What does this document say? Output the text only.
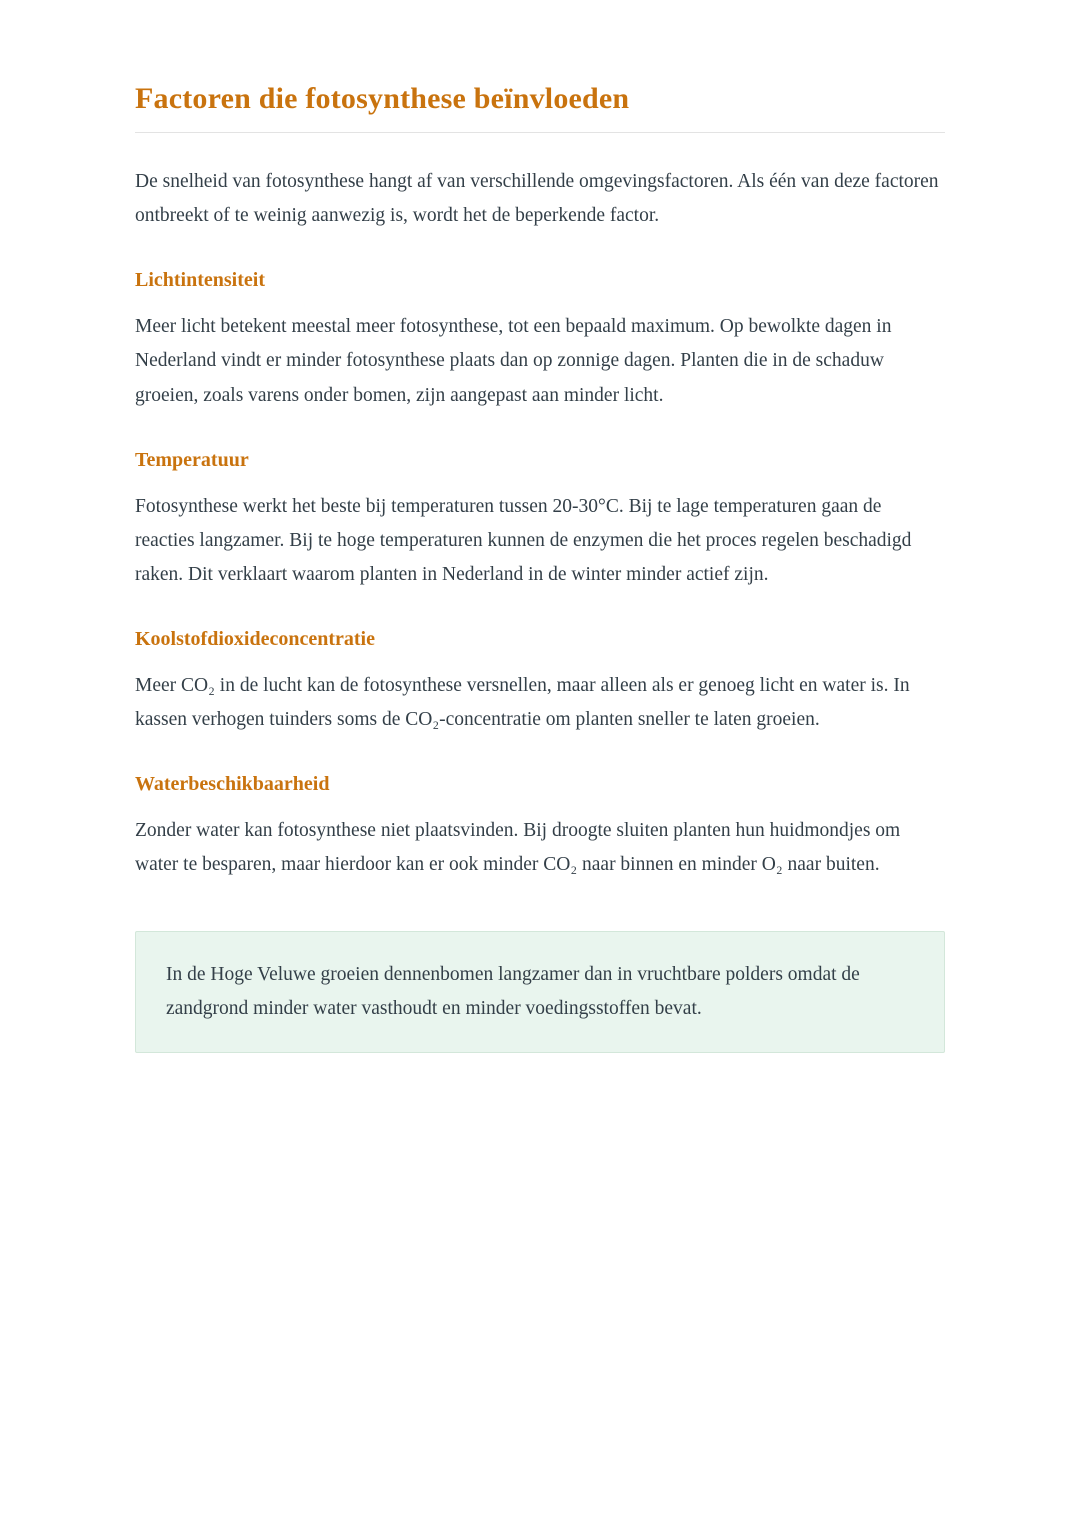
Factoren die fotosynthese beïnvloeden

De snelheid van fotosynthese hangt af van verschillende omgevingsfactoren. Als één van deze factoren ontbreekt of te weinig aanwezig is, wordt het de beperkende factor.

Lichtintensiteit

Meer licht betekent meestal meer fotosynthese, tot een bepaald maximum. Op bewolkte dagen in Nederland vindt er minder fotosynthese plaats dan op zonnige dagen. Planten die in de schaduw groeien, zoals varens onder bomen, zijn aangepast aan minder licht.

Temperatuur

Fotosynthese werkt het beste bij temperaturen tussen 20-30°C. Bij te lage temperaturen gaan de reacties langzamer. Bij te hoge temperaturen kunnen de enzymen die het proces regelen beschadigd raken. Dit verklaart waarom planten in Nederland in de winter minder actief zijn.

Koolstofdioxideconcentratie

Meer CO₂ in de lucht kan de fotosynthese versnellen, maar alleen als er genoeg licht en water is. In kassen verhogen tuinders soms de CO₂-concentratie om planten sneller te laten groeien.

Waterbeschikbaarheid

Zonder water kan fotosynthese niet plaatsvinden. Bij droogte sluiten planten hun huidmondjes om water te besparen, maar hierdoor kan er ook minder CO₂ naar binnen en minder O₂ naar buiten.

In de Hoge Veluwe groeien dennenbomen langzamer dan in vruchtbare polders omdat de zandgrond minder water vasthoudt en minder voedingsstoffen bevat.
